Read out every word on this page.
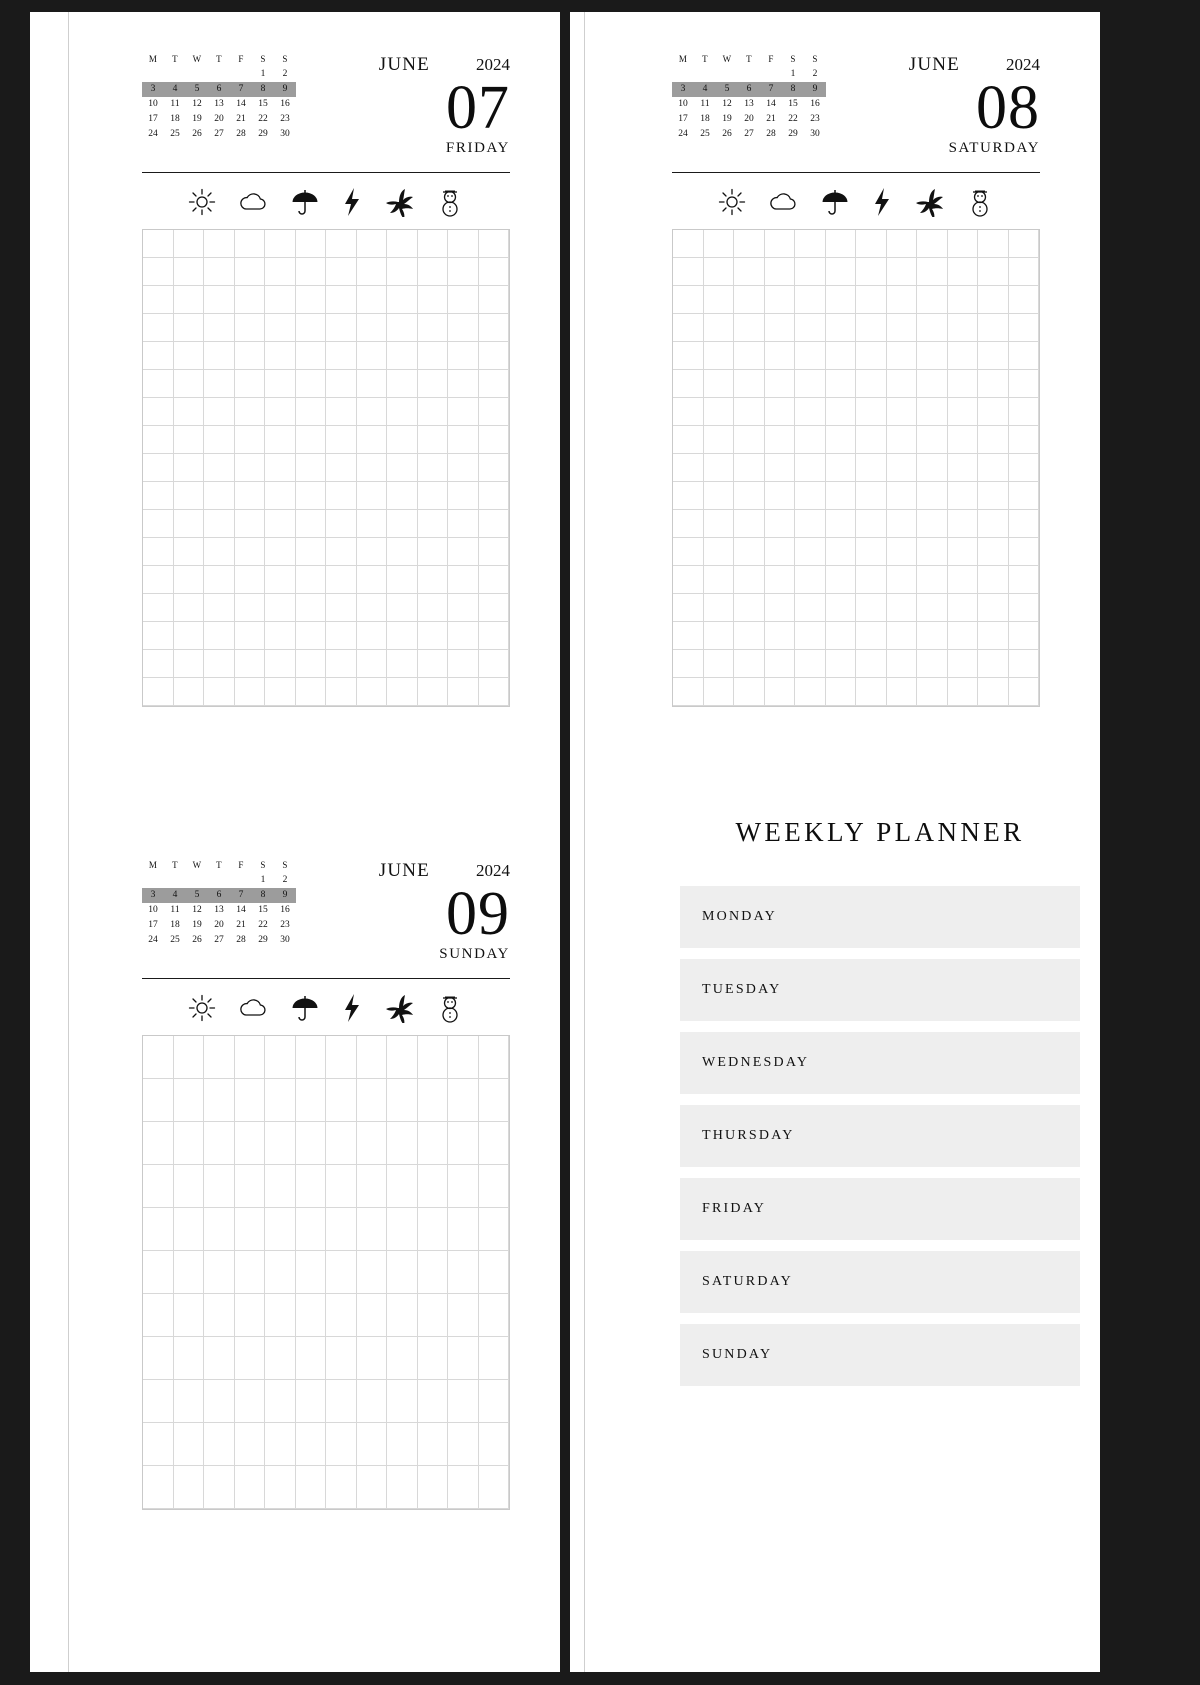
M	T	W	T	F	S	S
					1	2
3	4	5	6	7	8	9
10	11	12	13	14	15	16
17	18	19	20	21	22	23
24	25	26	27	28	29	30
JUNE	2024
07
FRIDAY
M	T	W	T	F	S	S
					1	2
3	4	5	6	7	8	9
10	11	12	13	14	15	16
17	18	19	20	21	22	23
24	25	26	27	28	29	30
JUNE	2024
09
SUNDAY
M	T	W	T	F	S	S
					1	2
3	4	5	6	7	8	9
10	11	12	13	14	15	16
17	18	19	20	21	22	23
24	25	26	27	28	29	30
JUNE	2024
08
SATURDAY
WEEKLY PLANNER
MONDAY
TUESDAY
WEDNESDAY
THURSDAY
FRIDAY
SATURDAY
SUNDAY
